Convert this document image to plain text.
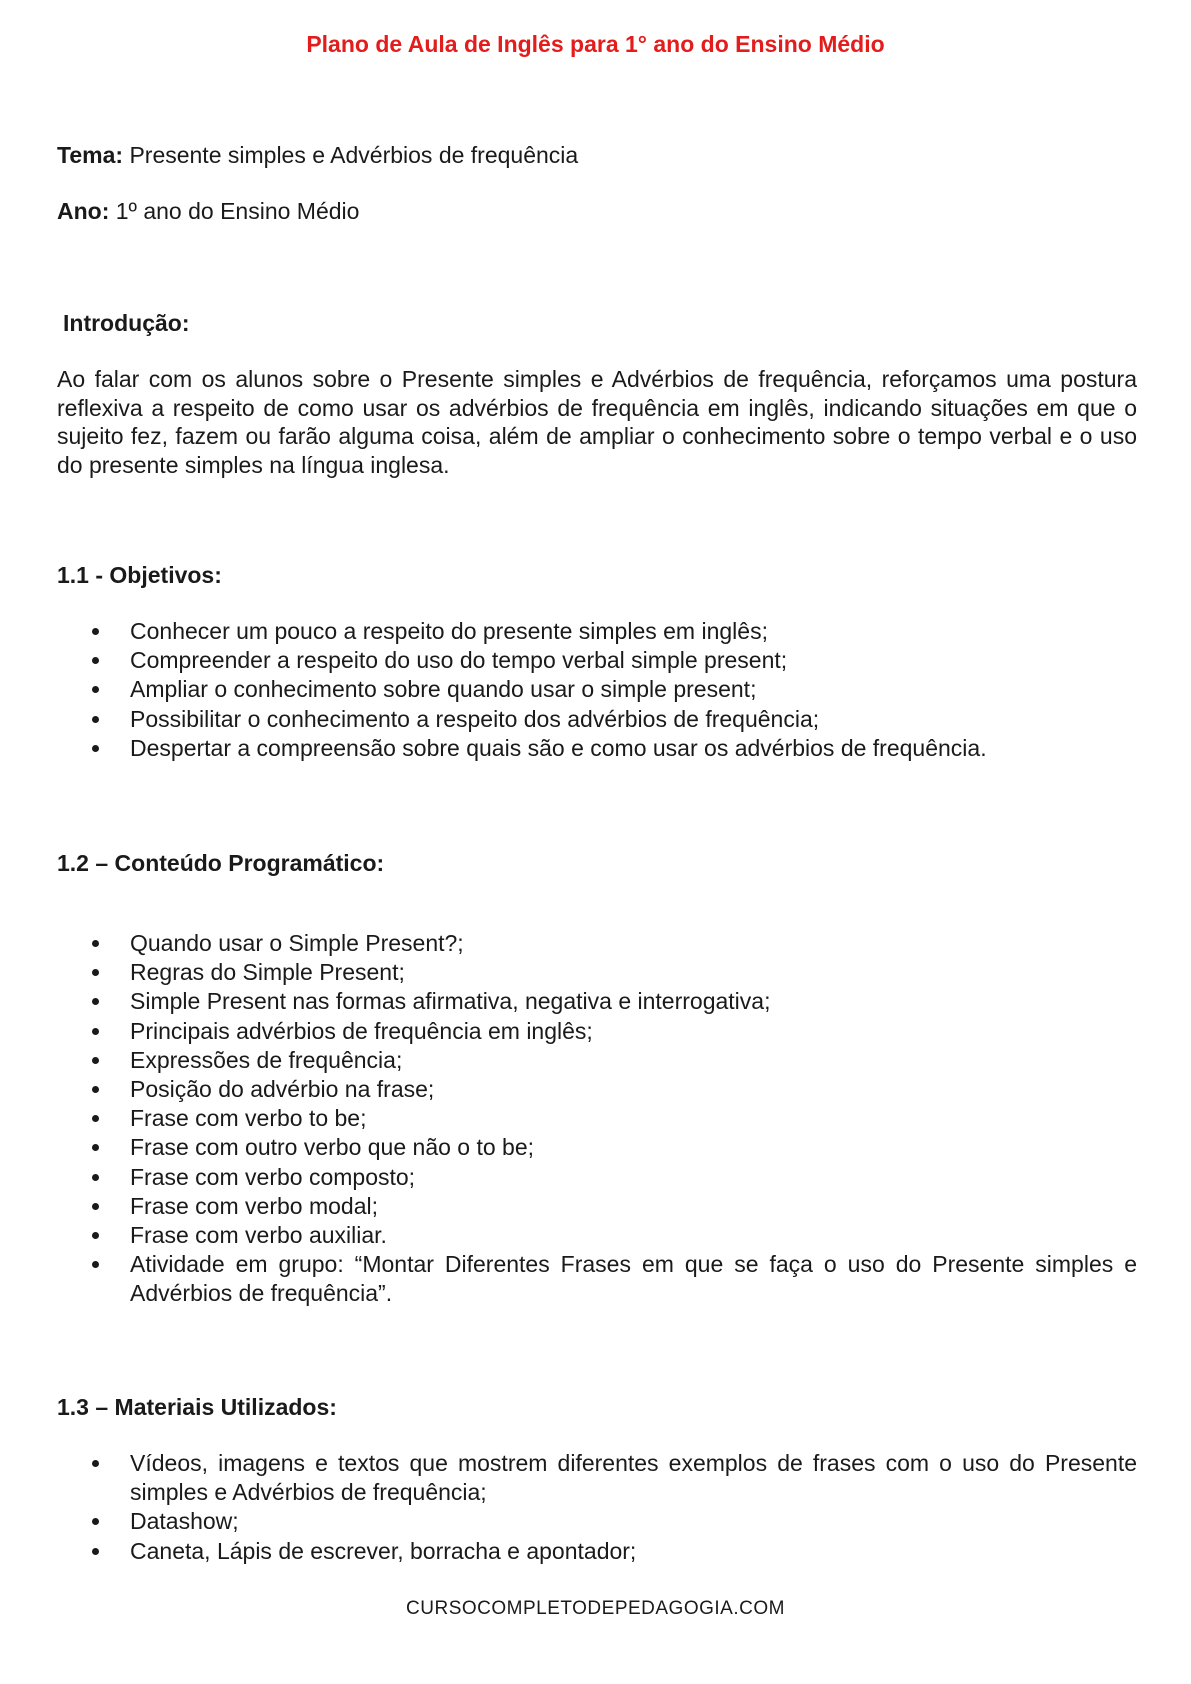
Plano de Aula de Inglês para 1° ano do Ensino Médio
Tema: Presente simples e Advérbios de frequência
Ano: 1º ano do Ensino Médio
Introdução:
Ao falar com os alunos sobre o Presente simples e Advérbios de frequência, reforçamos uma postura reflexiva a respeito de como usar os advérbios de frequência em inglês, indicando situações em que o sujeito fez, fazem ou farão alguma coisa, além de ampliar o conhecimento sobre o tempo verbal e o uso do presente simples na língua inglesa.
1.1 - Objetivos:
Conhecer um pouco a respeito do presente simples em inglês;
Compreender a respeito do uso do tempo verbal simple present;
Ampliar o conhecimento sobre quando usar o simple present;
Possibilitar o conhecimento a respeito dos advérbios de frequência;
Despertar a compreensão sobre quais são e como usar os advérbios de frequência.
1.2 – Conteúdo Programático:
Quando usar o Simple Present?;
Regras do Simple Present;
Simple Present nas formas afirmativa, negativa e interrogativa;
Principais advérbios de frequência em inglês;
Expressões de frequência;
Posição do advérbio na frase;
Frase com verbo to be;
Frase com outro verbo que não o to be;
Frase com verbo composto;
Frase com verbo modal;
Frase com verbo auxiliar.
Atividade em grupo: “Montar Diferentes Frases em que se faça o uso do Presente simples e Advérbios de frequência”.
1.3 – Materiais Utilizados:
Vídeos, imagens e textos que mostrem diferentes exemplos de frases com o uso do Presente simples e Advérbios de frequência;
Datashow;
Caneta, Lápis de escrever, borracha e apontador;
CURSOCOMPLETODEPEDAGOGIA.COM
